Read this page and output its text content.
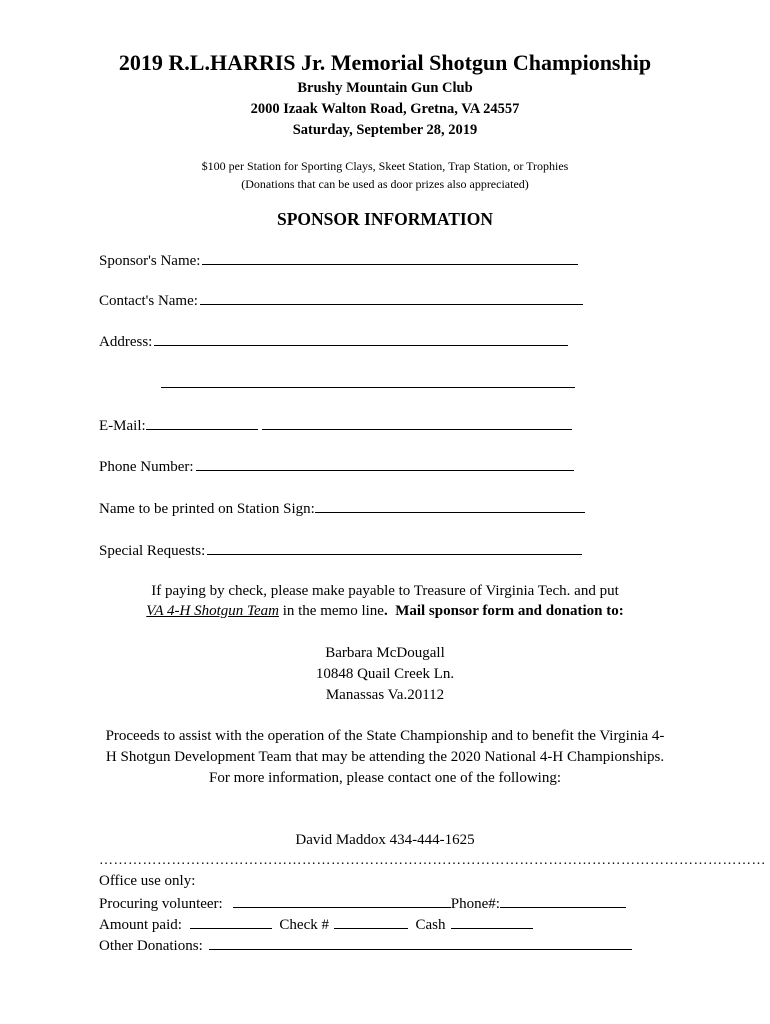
2019 R.L.HARRIS Jr. Memorial Shotgun Championship
Brushy Mountain Gun Club
2000 Izaak Walton Road, Gretna, VA 24557
Saturday, September 28, 2019
$100 per Station for Sporting Clays, Skeet Station, Trap Station, or Trophies
(Donations that can be used as door prizes also appreciated)
SPONSOR INFORMATION
Sponsor's Name:
Contact's Name:
Address:
E-Mail:
Phone Number:
Name to be printed on Station Sign:
Special Requests:
If paying by check, please make payable to Treasure of Virginia Tech. and put
VA 4-H Shotgun Team in the memo line. Mail sponsor form and donation to:
Barbara McDougall
10848 Quail Creek Ln.
Manassas Va.20112
Proceeds to assist with the operation of the State Championship and to benefit the Virginia 4-
H Shotgun Development Team that may be attending the 2020 National 4-H Championships.
For more information, please contact one of the following:
David Maddox 434-444-1625
…………………………………………………………………………………………………………………………
Office use only:
Procuring volunteer:	Phone#:
Amount paid:	Check #	Cash
Other Donations:
